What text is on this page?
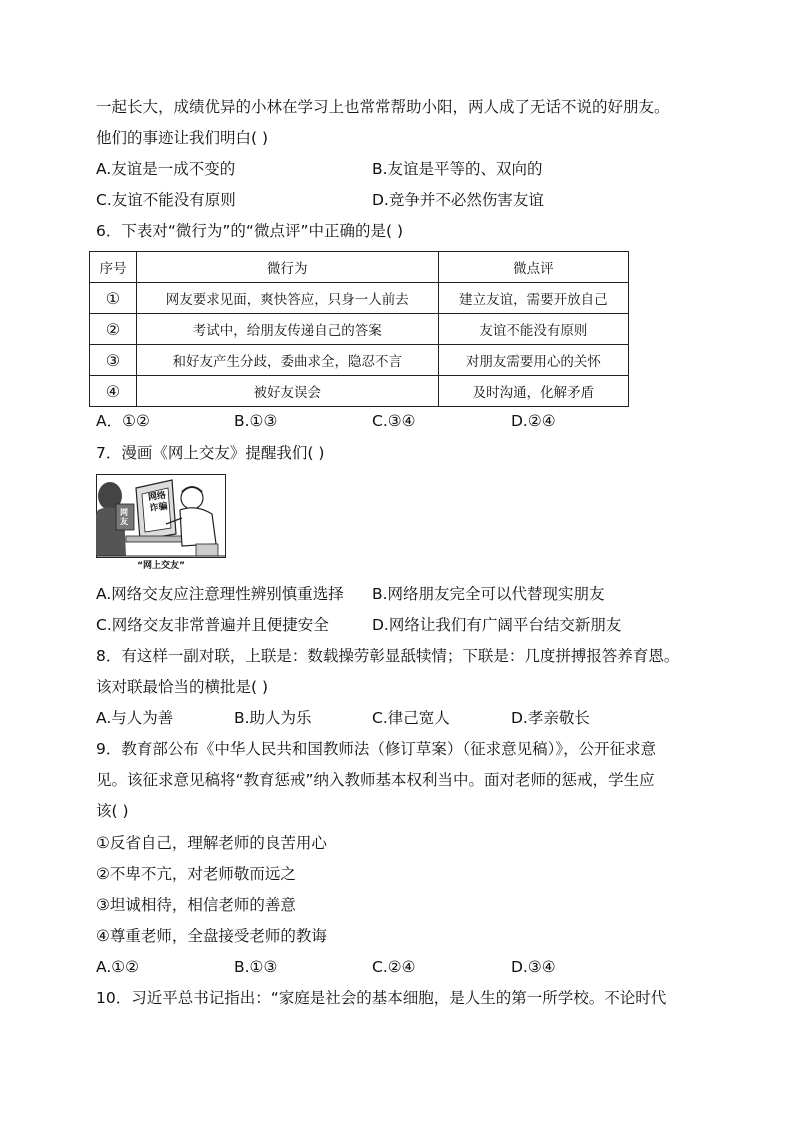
一起长大，成绩优异的小林在学习上也常常帮助小阳，两人成了无话不说的好朋友。
他们的事迹让我们明白( )
A.友谊是一成不变的	B.友谊是平等的、双向的
C.友谊不能没有原则	D.竞争并不必然伤害友谊
6．下表对“微行为”的“微点评”中正确的是( )
序号	微行为	微点评
①	网友要求见面，爽快答应，只身一人前去	建立友谊，需要开放自己
②	考试中，给朋友传递自己的答案	友谊不能没有原则
③	和好友产生分歧，委曲求全，隐忍不言	对朋友需要用心的关怀
④	被好友误会	及时沟通，化解矛盾
A．①②	B.①③	C.③④	D.②④
7．漫画《网上交友》提醒我们( )
网络诈骗
网友
“网上交友”
A.网络交友应注意理性辨别慎重选择 B.网络朋友完全可以代替现实朋友
C.网络交友非常普遍并且便捷安全	D.网络让我们有广阔平台结交新朋友
8．有这样一副对联，上联是：数载操劳彰显舐犊情；下联是：几度拼搏报答养育恩。
该对联最恰当的横批是( )
A.与人为善	B.助人为乐	C.律己宽人	D.孝亲敬长
9．教育部公布《中华人民共和国教师法（修订草案）（征求意见稿）》，公开征求意
见。该征求意见稿将“教育惩戒”纳入教师基本权利当中。面对老师的惩戒，学生应
该( )
①反省自己，理解老师的良苦用心
②不卑不亢，对老师敬而远之
③坦诚相待，相信老师的善意
④尊重老师，全盘接受老师的教诲
A.①②	B.①③	C.②④	D.③④
10．习近平总书记指出：“家庭是社会的基本细胞，是人生的第一所学校。不论时代
